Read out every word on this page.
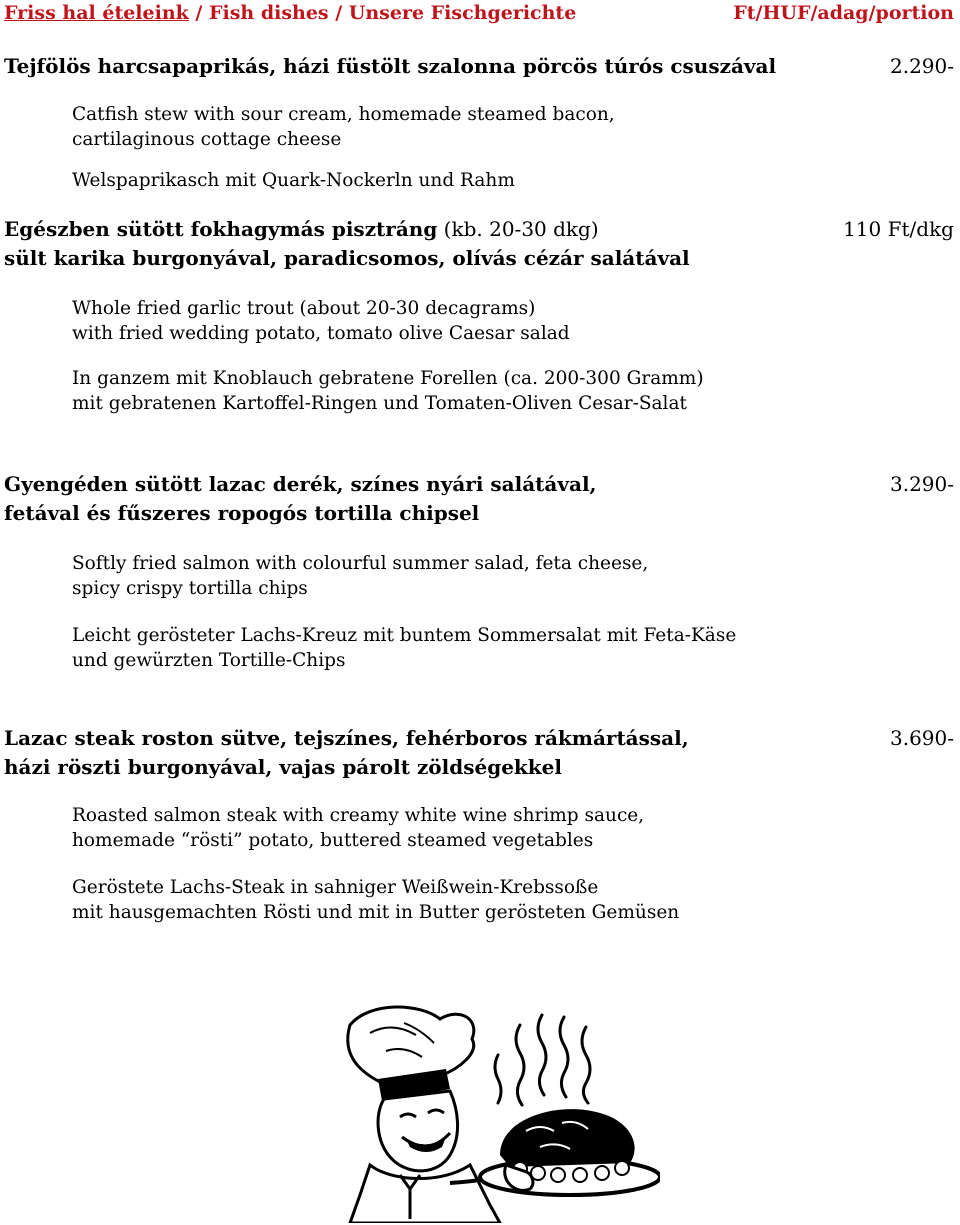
Friss hal ételeink / Fish dishes / Unsere Fischgerichte	Ft/HUF/adag/portion
Tejfölös harcsapaprikás, házi füstölt szalonna pörcös túrós csuszával	2.290-
Catfish stew with sour cream, homemade steamed bacon,
cartilaginous cottage cheese
Welspaprikasch mit Quark-Nockerln und Rahm
Egészben sütött fokhagymás pisztráng (kb. 20-30 dkg)
sült karika burgonyával, paradicsomos, olívás cézár salátával
110 Ft/dkg
Whole fried garlic trout (about 20-30 decagrams)
with fried wedding potato, tomato olive Caesar salad
In ganzem mit Knoblauch gebratene Forellen (ca. 200-300 Gramm)
mit gebratenen Kartoffel-Ringen und Tomaten-Oliven Cesar-Salat
Gyengéden sütött lazac derék, színes nyári salátával,
fetával és fűszeres ropogós tortilla chipsel
3.290-
Softly fried salmon with colourful summer salad, feta cheese,
spicy crispy tortilla chips
Leicht gerösteter Lachs-Kreuz mit buntem Sommersalat mit Feta-Käse
und gewürzten Tortille-Chips
Lazac steak roston sütve, tejszínes, fehérboros rákmártással,
házi röszti burgonyával, vajas párolt zöldségekkel
3.690-
Roasted salmon steak with creamy white wine shrimp sauce,
homemade “rösti” potato, buttered steamed vegetables
Geröstete Lachs-Steak in sahniger Weißwein-Krebssoße
mit hausgemachten Rösti und mit in Butter gerösteten Gemüsen
